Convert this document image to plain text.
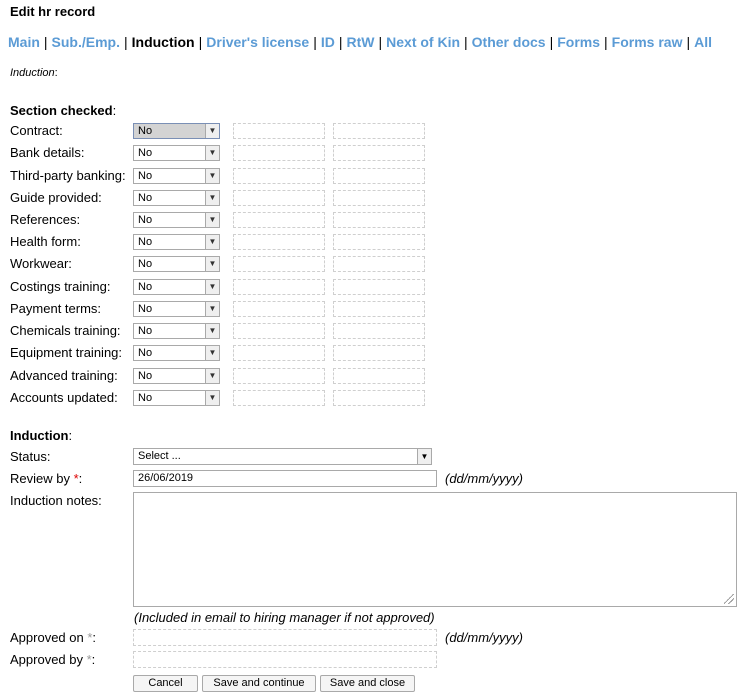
Edit hr record
Main | Sub./Emp. | Induction | Driver's license | ID | RtW | Next of Kin | Other docs | Forms | Forms raw | All
Induction:
Section checked:
Contract:	No	▼
Bank details:	No	▼
Third-party banking:	No	▼
Guide provided:	No	▼
References:	No	▼
Health form:	No	▼
Workwear:	No	▼
Costings training:	No	▼
Payment terms:	No	▼
Chemicals training:	No	▼
Equipment training:	No	▼
Advanced training:	No	▼
Accounts updated:	No	▼
Induction:
Status:	Select ...	▼
Review by *:	26/06/2019	(dd/mm/yyyy)
Induction notes:
(Included in email to hiring manager if not approved)
Approved on *:	(dd/mm/yyyy)
Approved by *:
Cancel	Save and continue	Save and close
